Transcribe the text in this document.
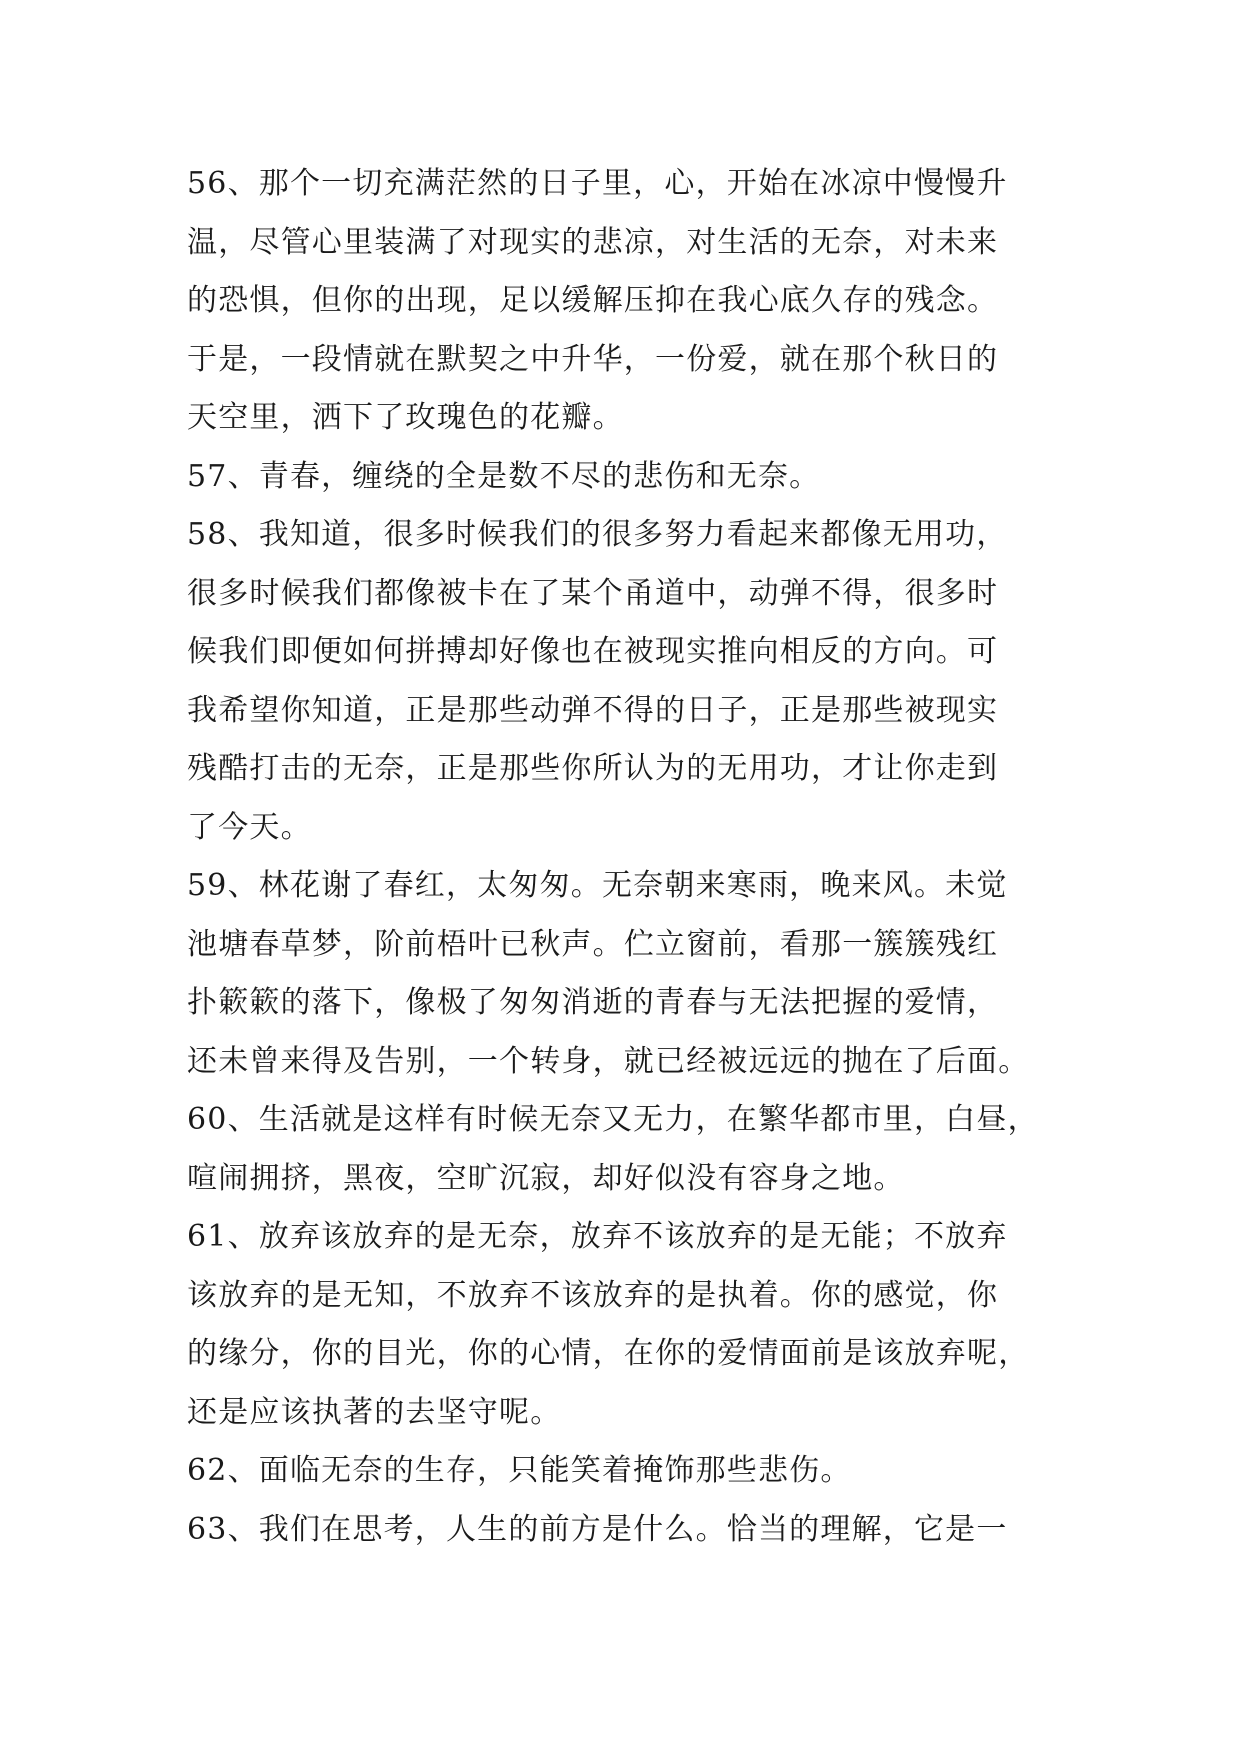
56、那个一切充满茫然的日子里，心，开始在冰凉中慢慢升
温，尽管心里装满了对现实的悲凉，对生活的无奈，对未来
的恐惧，但你的出现，足以缓解压抑在我心底久存的残念。
于是，一段情就在默契之中升华，一份爱，就在那个秋日的
天空里，洒下了玫瑰色的花瓣。
57、青春，缠绕的全是数不尽的悲伤和无奈。
58、我知道，很多时候我们的很多努力看起来都像无用功，
很多时候我们都像被卡在了某个甬道中，动弹不得，很多时
候我们即便如何拼搏却好像也在被现实推向相反的方向。可
我希望你知道，正是那些动弹不得的日子，正是那些被现实
残酷打击的无奈，正是那些你所认为的无用功，才让你走到
了今天。
59、林花谢了春红，太匆匆。无奈朝来寒雨，晚来风。未觉
池塘春草梦，阶前梧叶已秋声。伫立窗前，看那一簇簇残红
扑簌簌的落下，像极了匆匆消逝的青春与无法把握的爱情，
还未曾来得及告别，一个转身，就已经被远远的抛在了后面。
60、生活就是这样有时候无奈又无力，在繁华都市里，白昼，
喧闹拥挤，黑夜，空旷沉寂，却好似没有容身之地。
61、放弃该放弃的是无奈，放弃不该放弃的是无能；不放弃
该放弃的是无知，不放弃不该放弃的是执着。你的感觉，你
的缘分，你的目光，你的心情，在你的爱情面前是该放弃呢，
还是应该执著的去坚守呢。
62、面临无奈的生存，只能笑着掩饰那些悲伤。
63、我们在思考，人生的前方是什么。恰当的理解，它是一
